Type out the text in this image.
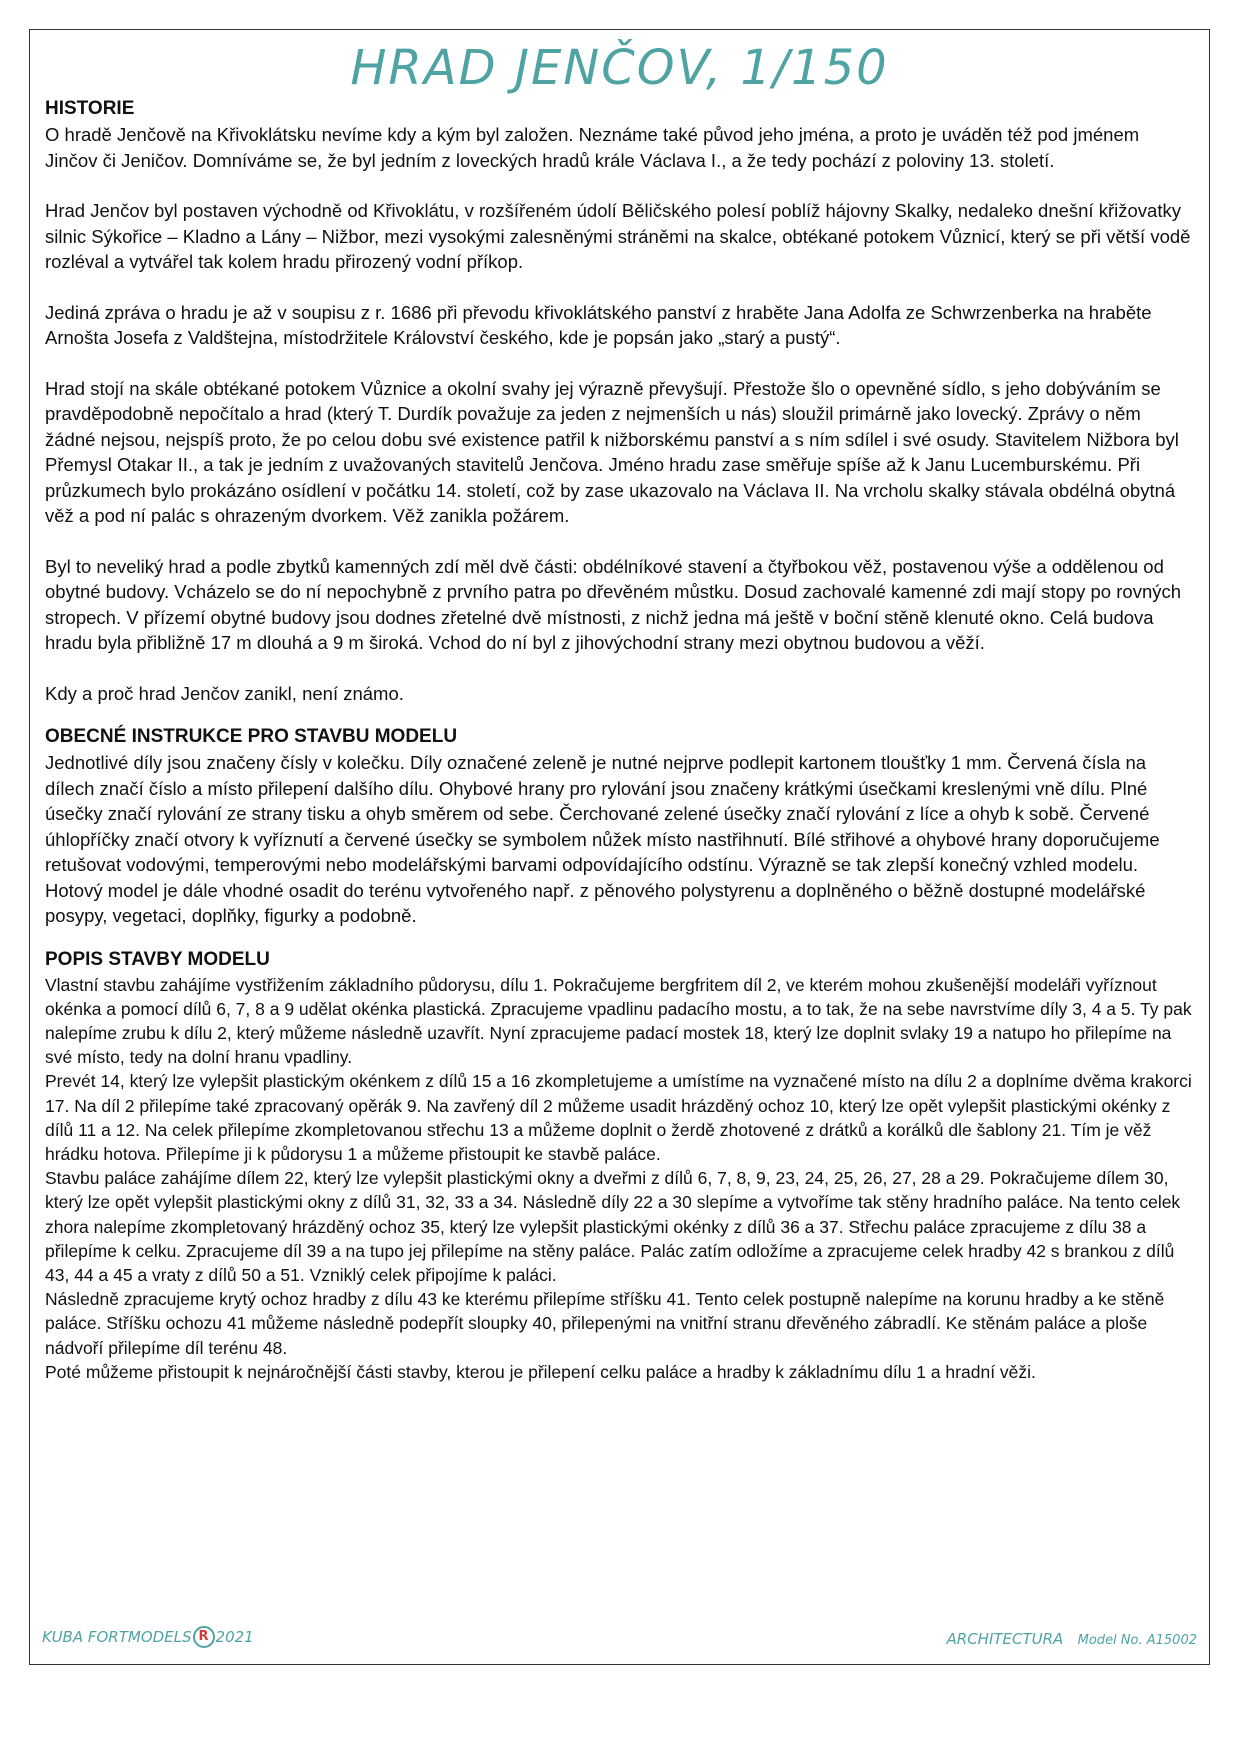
HRAD JENČOV, 1/150
HISTORIE

O hradě Jenčově na Křivoklátsku nevíme kdy a kým byl založen. Neznáme také původ jeho jména, a proto je uváděn též pod jménem Jinčov či Jeničov. Domníváme se, že byl jedním z loveckých hradů krále Václava I., a že tedy pochází z poloviny 13. století.

Hrad Jenčov byl postaven východně od Křivoklátu, v rozšířeném údolí Běličského polesí poblíž hájovny Skalky, nedaleko dnešní křižovatky silnic Sýkořice – Kladno a Lány – Nižbor, mezi vysokými zalesněnými stráněmi na skalce, obtékané potokem Vůznicí, který se při větší vodě rozléval a vytvářel tak kolem hradu přirozený vodní příkop.

Jediná zpráva o hradu je až v soupisu z r. 1686 při převodu křivoklátského panství z hraběte Jana Adolfa ze Schwrzenberka na hraběte Arnošta Josefa z Valdštejna, místodržitele Království českého, kde je popsán jako „starý a pustý“.

Hrad stojí na skále obtékané potokem Vůznice a okolní svahy jej výrazně převyšují. Přestože šlo o opevněné sídlo, s jeho dobýváním se pravděpodobně nepočítalo a hrad (který T. Durdík považuje za jeden z nejmenších u nás) sloužil primárně jako lovecký. Zprávy o něm žádné nejsou, nejspíš proto, že po celou dobu své existence patřil k nižborskému panství a s ním sdílel i své osudy. Stavitelem Nižbora byl Přemysl Otakar II., a tak je jedním z uvažovaných stavitelů Jenčova. Jméno hradu zase směřuje spíše až k Janu Lucemburskému. Při průzkumech bylo prokázáno osídlení v počátku 14. století, což by zase ukazovalo na Václava II. Na vrcholu skalky stávala obdélná obytná věž a pod ní palác s ohrazeným dvorkem. Věž zanikla požárem.

Byl to neveliký hrad a podle zbytků kamenných zdí měl dvě části: obdélníkové stavení a čtyřbokou věž, postavenou výše a oddělenou od obytné budovy. Vcházelo se do ní nepochybně z prvního patra po dřevěném můstku. Dosud zachovalé kamenné zdi mají stopy po rovných stropech. V přízemí obytné budovy jsou dodnes zřetelné dvě místnosti, z nichž jedna má ještě v boční stěně klenuté okno. Celá budova hradu byla přibližně 17 m dlouhá a 9 m široká. Vchod do ní byl z jihovýchodní strany mezi obytnou budovou a věží.

Kdy a proč hrad Jenčov zanikl, není známo.

OBECNÉ INSTRUKCE PRO STAVBU MODELU

Jednotlivé díly jsou značeny čísly v kolečku. Díly označené zeleně je nutné nejprve podlepit kartonem tloušťky 1 mm. Červená čísla na dílech značí číslo a místo přilepení dalšího dílu. Ohybové hrany pro rylování jsou značeny krátkými úsečkami kreslenými vně dílu. Plné úsečky značí rylování ze strany tisku a ohyb směrem od sebe. Čerchované zelené úsečky značí rylování z líce a ohyb k sobě. Červené úhlopříčky značí otvory k vyříznutí a červené úsečky se symbolem nůžek místo nastřihnutí. Bílé střihové a ohybové hrany doporučujeme retušovat vodovými, temperovými nebo modelářskými barvami odpovídajícího odstínu. Výrazně se tak zlepší konečný vzhled modelu. Hotový model je dále vhodné osadit do terénu vytvořeného např. z pěnového polystyrenu a doplněného o běžně dostupné modelářské posypy, vegetaci, doplňky, figurky a podobně.

POPIS STAVBY MODELU

Vlastní stavbu zahájíme vystřižením základního půdorysu, dílu 1. Pokračujeme bergfritem díl 2, ve kterém mohou zkušenější modeláři vyříznout okénka a pomocí dílů 6, 7, 8 a 9 udělat okénka plastická. Zpracujeme vpadlinu padacího mostu, a to tak, že na sebe navrstvíme díly 3, 4 a 5. Ty pak nalepíme zrubu k dílu 2, který můžeme následně uzavřít. Nyní zpracujeme padací mostek 18, který lze doplnit svlaky 19 a natupo ho přilepíme na své místo, tedy na dolní hranu vpadliny.

Prevét 14, který lze vylepšit plastickým okénkem z dílů 15 a 16 zkompletujeme a umístíme na vyznačené místo na dílu 2 a doplníme dvěma krakorci 17. Na díl 2 přilepíme také zpracovaný opěrák 9. Na zavřený díl 2 můžeme usadit hrázděný ochoz 10, který lze opět vylepšit plastickými okénky z dílů 11 a 12. Na celek přilepíme zkompletovanou střechu 13 a můžeme doplnit o žerdě zhotovené z drátků a korálků dle šablony 21. Tím je věž hrádku hotova. Přilepíme ji k půdorysu 1 a můžeme přistoupit ke stavbě paláce.

Stavbu paláce zahájíme dílem 22, který lze vylepšit plastickými okny a dveřmi z dílů 6, 7, 8, 9, 23, 24, 25, 26, 27, 28 a 29. Pokračujeme dílem 30, který lze opět vylepšit plastickými okny z dílů 31, 32, 33 a 34. Následně díly 22 a 30 slepíme a vytvoříme tak stěny hradního paláce. Na tento celek zhora nalepíme zkompletovaný hrázděný ochoz 35, který lze vylepšit plastickými okénky z dílů 36 a 37. Střechu paláce zpracujeme z dílu 38 a přilepíme k celku. Zpracujeme díl 39 a na tupo jej přilepíme na stěny paláce. Palác zatím odložíme a zpracujeme celek hradby 42 s brankou z dílů 43, 44 a 45 a vraty z dílů 50 a 51. Vzniklý celek připojíme k paláci.

Následně zpracujeme krytý ochoz hradby z dílu 43 ke kterému přilepíme stříšku 41. Tento celek postupně nalepíme na korunu hradby a ke stěně paláce. Stříšku ochozu 41 můžeme následně podepřít sloupky 40, přilepenými na vnitřní stranu dřevěného zábradlí. Ke stěnám paláce a ploše nádvoří přilepíme díl terénu 48.

Poté můžeme přistoupit k nejnáročnější části stavby, kterou je přilepení celku paláce a hradby k základnímu dílu 1 a hradní věži.

KUBA FORTMODELS R 2021	ARCHITECTURA Model No. A15002
